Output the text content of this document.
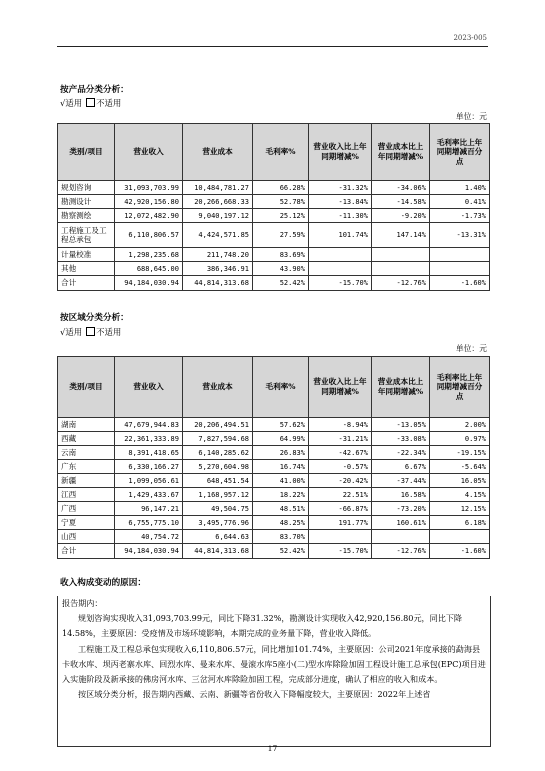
2023-005
按产品分类分析：
√适用 不适用
单位：元
类别/项目	营业收入	营业成本	毛利率%	营业收入比上年同期增减%	营业成本比上年同期增减%	毛利率比上年同期增减百分点
规划咨询	31,093,703.99	10,484,781.27	66.28%	-31.32%	-34.06%	1.40%
勘测设计	42,920,156.80	20,266,668.33	52.78%	-13.84%	-14.58%	0.41%
勘察测绘	12,072,482.90	9,040,197.12	25.12%	-11.30%	-9.20%	-1.73%
工程施工及工程总承包	6,110,806.57	4,424,571.85	27.59%	101.74%	147.14%	-13.31%
计量校准	1,298,235.68	211,748.20	83.69%			
其他	688,645.00	386,346.91	43.90%			
合计	94,184,030.94	44,814,313.68	52.42%	-15.70%	-12.76%	-1.60%
按区域分类分析：
√适用 不适用
单位：元
类别/项目	营业收入	营业成本	毛利率%	营业收入比上年同期增减%	营业成本比上年同期增减%	毛利率比上年同期增减百分点
湖南	47,679,944.83	20,206,494.51	57.62%	-8.94%	-13.05%	2.00%
西藏	22,361,333.89	7,827,594.68	64.99%	-31.21%	-33.08%	0.97%
云南	8,391,418.65	6,140,285.62	26.83%	-42.67%	-22.34%	-19.15%
广东	6,330,166.27	5,270,604.98	16.74%	-0.57%	6.67%	-5.64%
新疆	1,099,056.61	648,451.54	41.00%	-20.42%	-37.44%	16.05%
江西	1,429,433.67	1,168,957.12	18.22%	22.51%	16.58%	4.15%
广西	96,147.21	49,504.75	48.51%	-66.87%	-73.20%	12.15%
宁夏	6,755,775.10	3,495,776.96	48.25%	191.77%	160.61%	6.18%
山西	40,754.72	6,644.63	83.70%			
合计	94,184,030.94	44,814,313.68	52.42%	-15.70%	-12.76%	-1.60%
收入构成变动的原因：
报告期内：
规划咨询实现收入31,093,703.99元，同比下降31.32%，勘测设计实现收入42,920,156.80元，同比下降14.58%，主要原因：受疫情及市场环境影响，本期完成的业务量下降，营业收入降低。
工程施工及工程总承包实现收入6,110,806.57元，同比增加101.74%，主要原因：公司2021年度承接的勐海县卡收水库、坝丙老寨水库、回烈水库、曼来水库、曼滚水库5座小(二)型水库除险加固工程设计施工总承包(EPC)项目进入实施阶段及新承接的佛房河水库、三岔河水库除险加固工程，完成部分进度，确认了相应的收入和成本。
按区域分类分析，报告期内西藏、云南、新疆等省份收入下降幅度较大，主要原因：2022年上述省
17
